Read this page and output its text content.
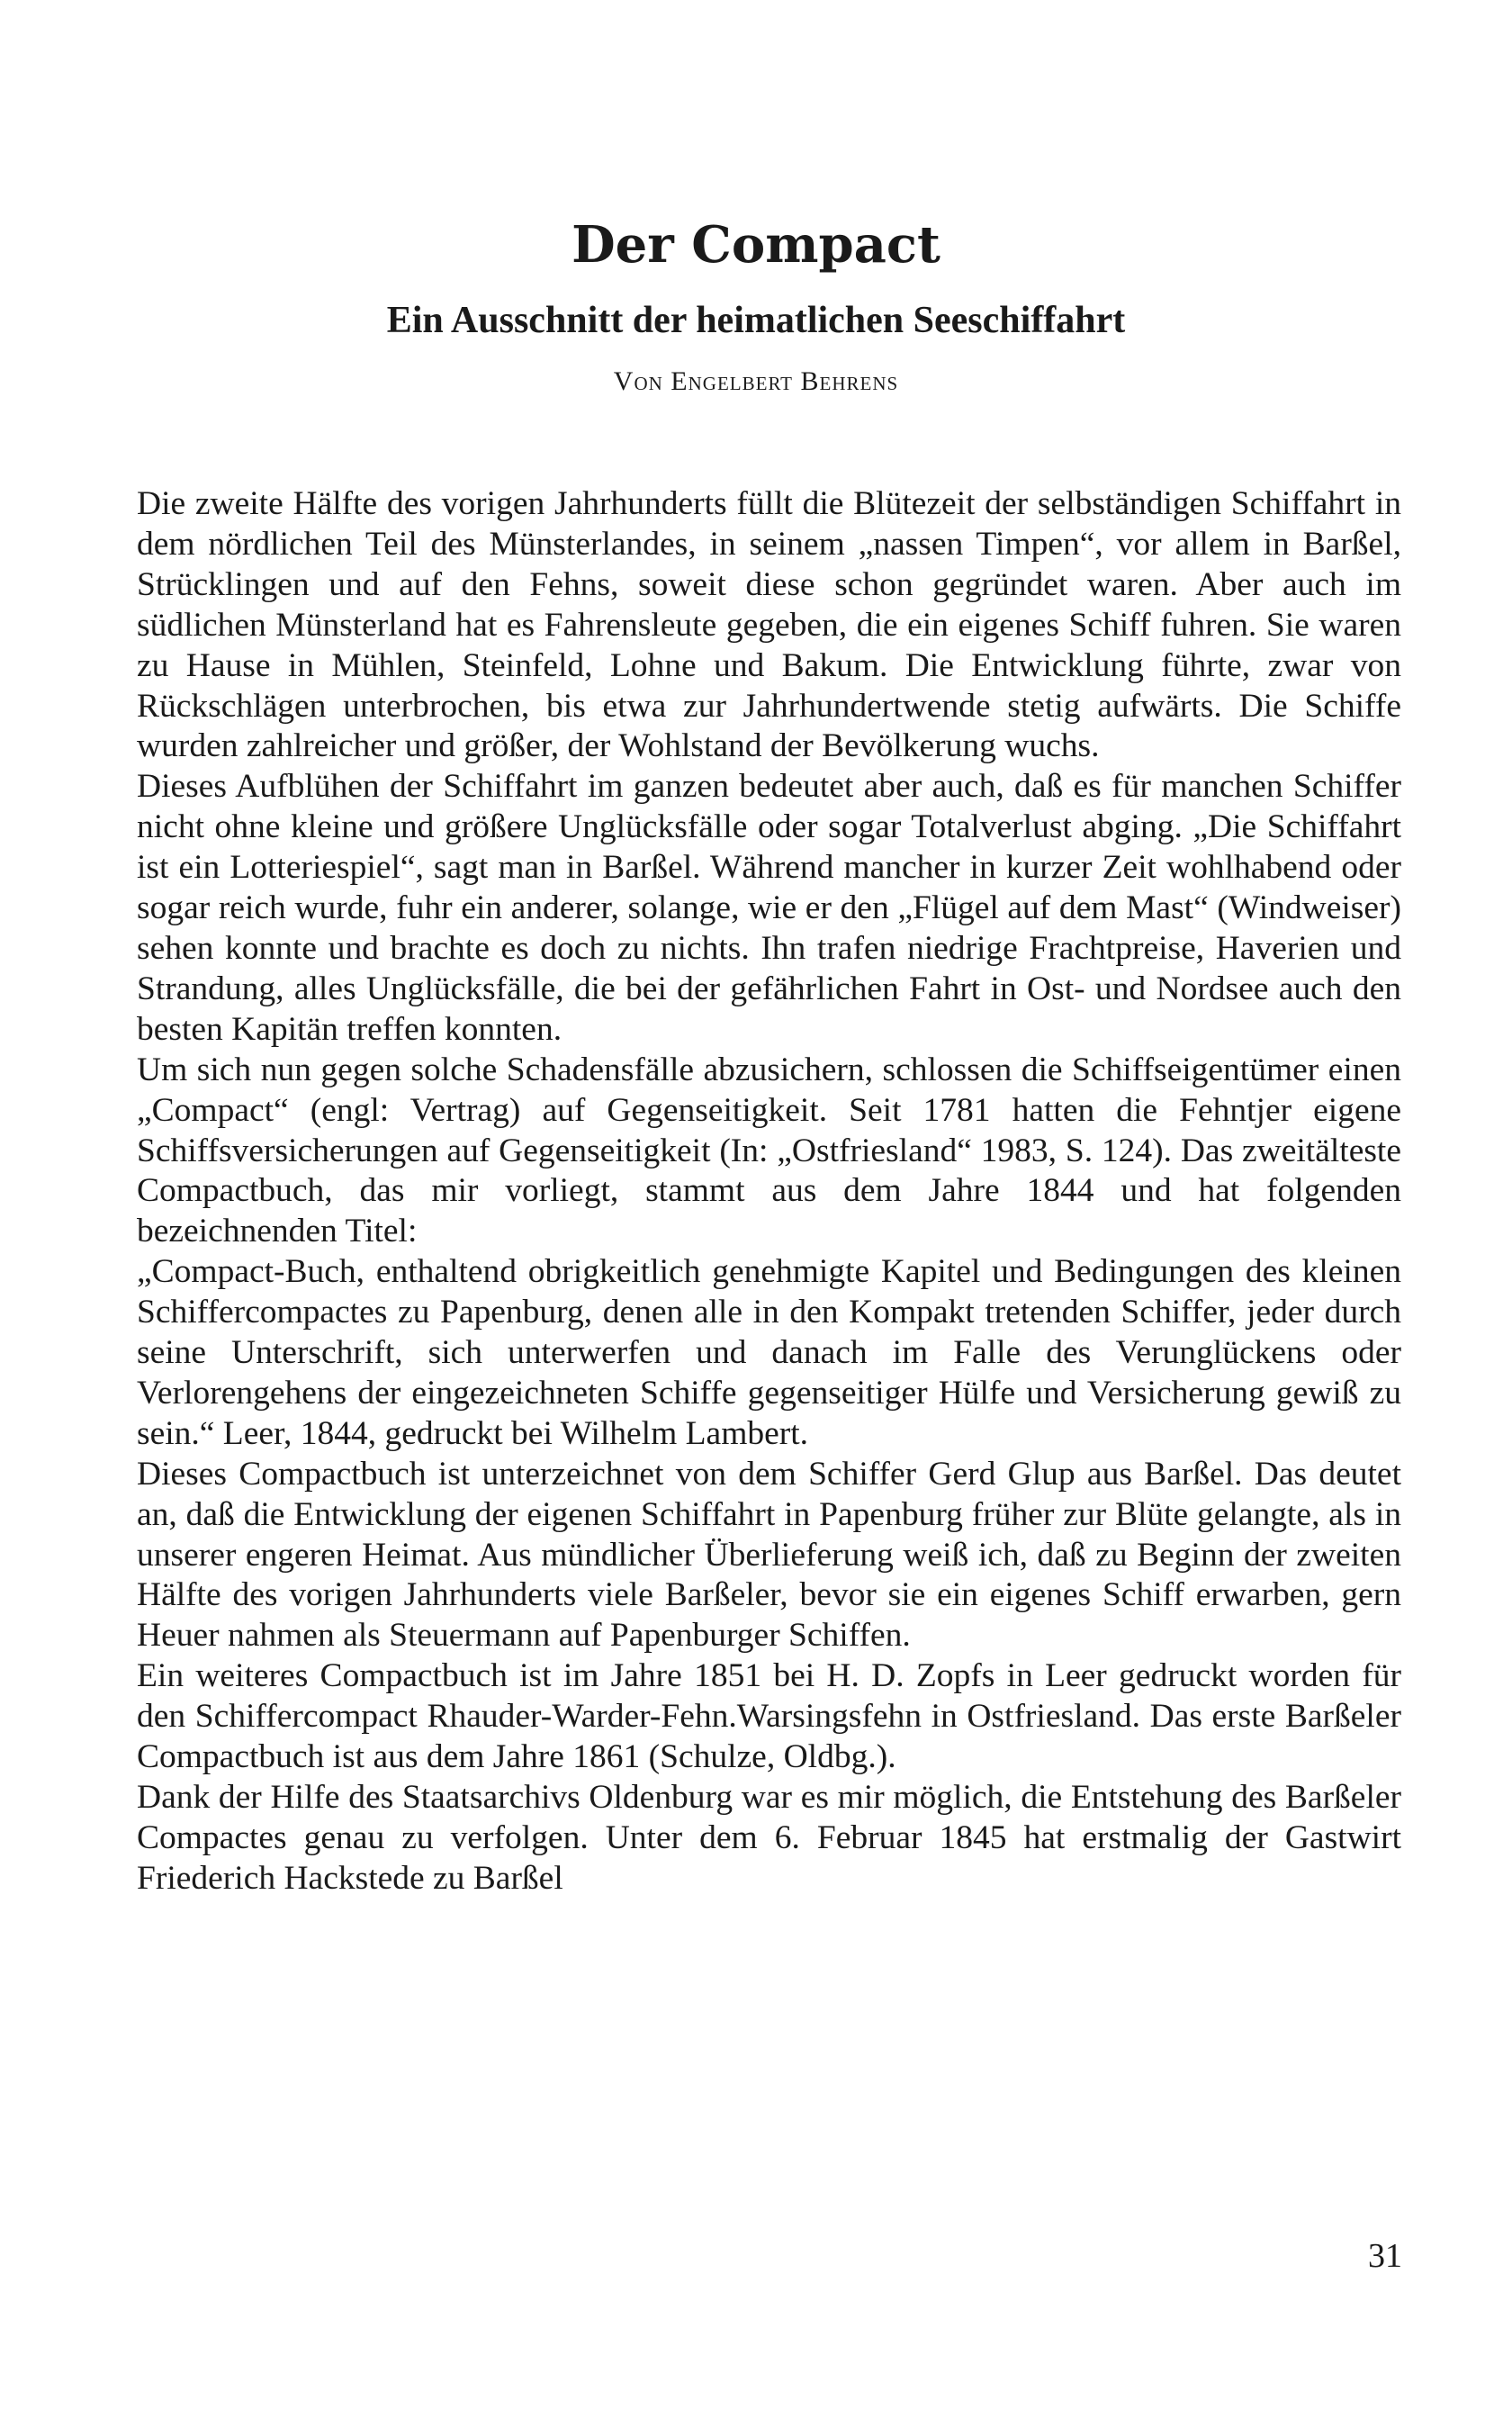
Der Compact
Ein Ausschnitt der heimatlichen Seeschiffahrt

Von Engelbert Behrens

Die zweite Hälfte des vorigen Jahrhunderts füllt die Blütezeit der selbständigen Schiffahrt in dem nördlichen Teil des Münsterlandes, in seinem „nassen Timpen“, vor allem in Barßel, Strücklingen und auf den Fehns, soweit diese schon gegründet waren. Aber auch im südlichen Münsterland hat es Fahrensleute gegeben, die ein eigenes Schiff fuhren. Sie waren zu Hause in Mühlen, Steinfeld, Lohne und Bakum. Die Entwicklung führte, zwar von Rückschlägen unterbrochen, bis etwa zur Jahrhundertwende stetig aufwärts. Die Schiffe wurden zahlreicher und größer, der Wohlstand der Bevölkerung wuchs.

Dieses Aufblühen der Schiffahrt im ganzen bedeutet aber auch, daß es für manchen Schiffer nicht ohne kleine und größere Unglücksfälle oder sogar Totalverlust abging. „Die Schiffahrt ist ein Lotteriespiel“, sagt man in Barßel. Während mancher in kurzer Zeit wohlhabend oder sogar reich wurde, fuhr ein anderer, solange, wie er den „Flügel auf dem Mast“ (Windweiser) sehen konnte und brachte es doch zu nichts. Ihn trafen niedrige Frachtpreise, Haverien und Strandung, alles Unglücksfälle, die bei der gefährlichen Fahrt in Ost- und Nordsee auch den besten Kapitän treffen konnten.

Um sich nun gegen solche Schadensfälle abzusichern, schlossen die Schiffseigentümer einen „Compact“ (engl: Vertrag) auf Gegenseitigkeit. Seit 1781 hatten die Fehntjer eigene Schiffsversicherungen auf Gegenseitigkeit (In: „Ostfriesland“ 1983, S. 124). Das zweitälteste Compactbuch, das mir vorliegt, stammt aus dem Jahre 1844 und hat folgenden bezeichnenden Titel:

„Compact-Buch, enthaltend obrigkeitlich genehmigte Kapitel und Bedingungen des kleinen Schiffercompactes zu Papenburg, denen alle in den Kompakt tretenden Schiffer, jeder durch seine Unterschrift, sich unterwerfen und danach im Falle des Verunglückens oder Verlorengehens der eingezeichneten Schiffe gegenseitiger Hülfe und Versicherung gewiß zu sein.“ Leer, 1844, gedruckt bei Wilhelm Lambert.

Dieses Compactbuch ist unterzeichnet von dem Schiffer Gerd Glup aus Barßel. Das deutet an, daß die Entwicklung der eigenen Schiffahrt in Papenburg früher zur Blüte gelangte, als in unserer engeren Heimat. Aus mündlicher Überlieferung weiß ich, daß zu Beginn der zweiten Hälfte des vorigen Jahrhunderts viele Barßeler, bevor sie ein eigenes Schiff erwarben, gern Heuer nahmen als Steuermann auf Papenburger Schiffen.

Ein weiteres Compactbuch ist im Jahre 1851 bei H. D. Zopfs in Leer gedruckt worden für den Schiffercompact Rhauder-Warder-Fehn.Warsingsfehn in Ostfriesland. Das erste Barßeler Compactbuch ist aus dem Jahre 1861 (Schulze, Oldbg.).

Dank der Hilfe des Staatsarchivs Oldenburg war es mir möglich, die Entstehung des Barßeler Compactes genau zu verfolgen. Unter dem 6. Februar 1845 hat erstmalig der Gastwirt Friederich Hackstede zu Barßel

31
